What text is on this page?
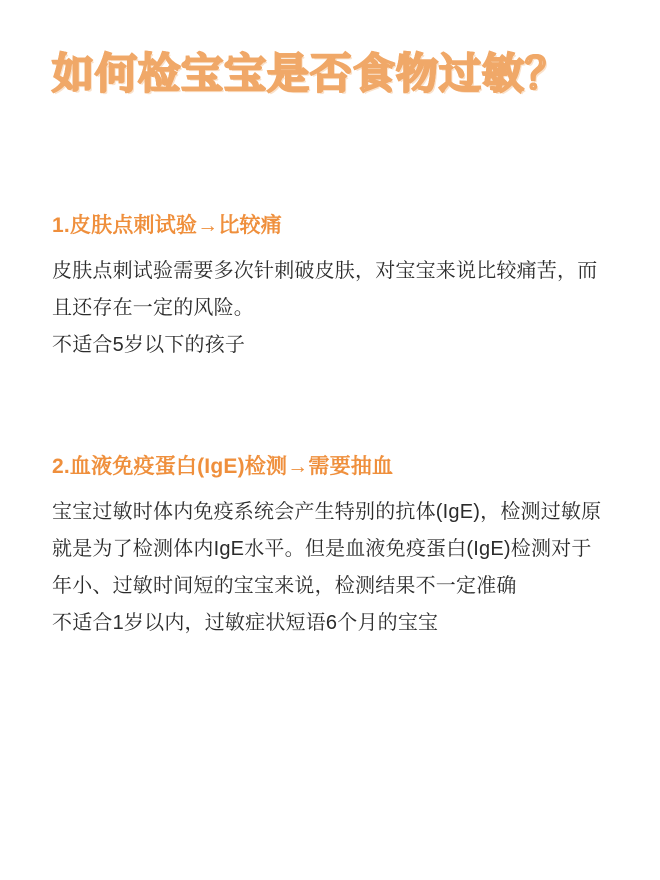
如何检宝宝是否食物过敏？
1.皮肤点刺试验→比较痛

皮肤点刺试验需要多次针刺破皮肤，对宝宝来说比较痛苦，而且还存在一定的风险。

不适合5岁以下的孩子

2.血液免疫蛋白(IgE)检测→需要抽血

宝宝过敏时体内免疫系统会产生特别的抗体(IgE)，检测过敏原就是为了检测体内IgE水平。但是血液免疫蛋白(IgE)检测对于年小、过敏时间短的宝宝来说，检测结果不一定准确

不适合1岁以内，过敏症状短语6个月的宝宝
